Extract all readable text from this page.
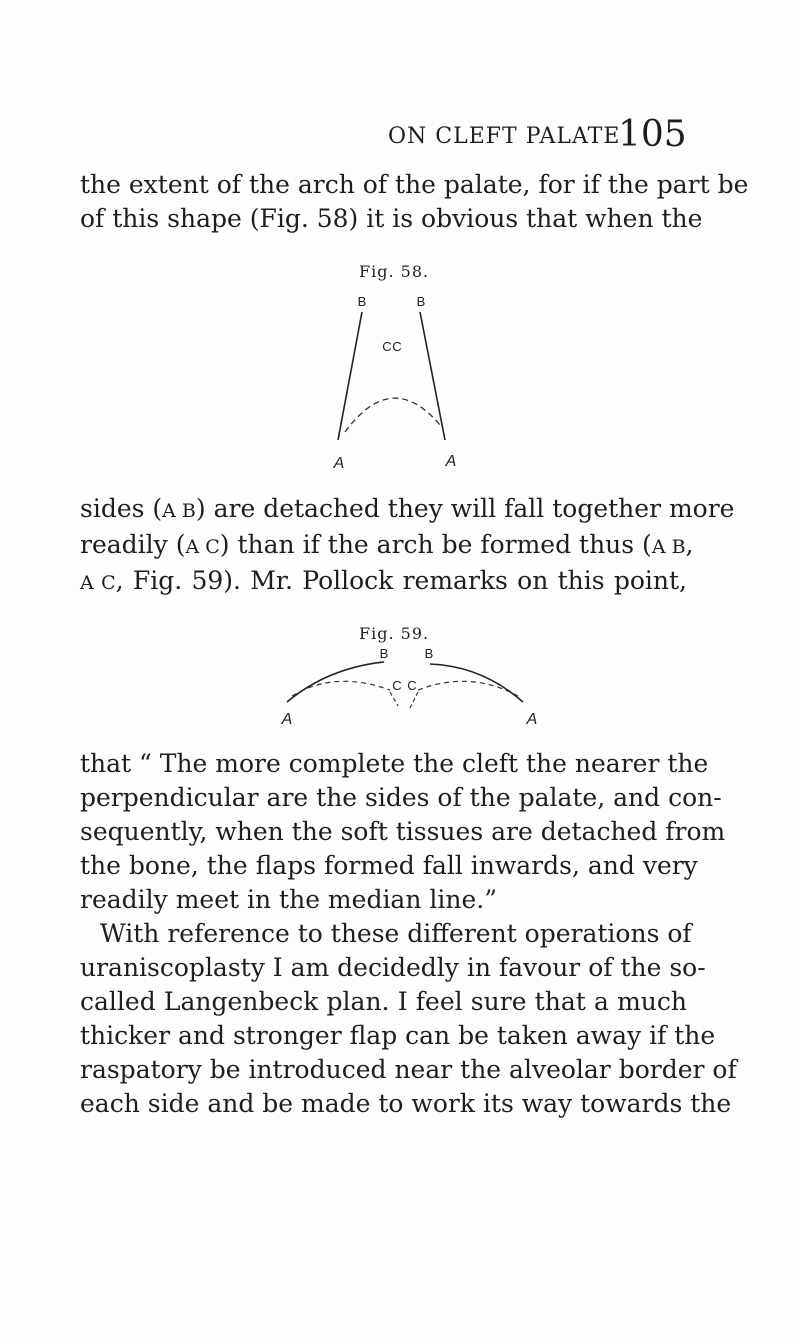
ON CLEFT PALATE
105
the extent of the arch of the palate, for if the part be
of this shape (Fig. 58) it is obvious that when the
Fig. 58.
B	B
C C
A	A
sides (A B) are detached they will fall together more
readily (A C) than if the arch be formed thus (A B,
A C, Fig. 59). Mr. Pollock remarks on this point,
Fig. 59.
B	B
C C
A	A
that “ The more complete the cleft the nearer the
perpendicular are the sides of the palate, and con-
sequently, when the soft tissues are detached from
the bone, the flaps formed fall inwards, and very
readily meet in the median line.”
With reference to these different operations of
uraniscoplasty I am decidedly in favour of the so-
called Langenbeck plan. I feel sure that a much
thicker and stronger flap can be taken away if the
raspatory be introduced near the alveolar border of
each side and be made to work its way towards the
